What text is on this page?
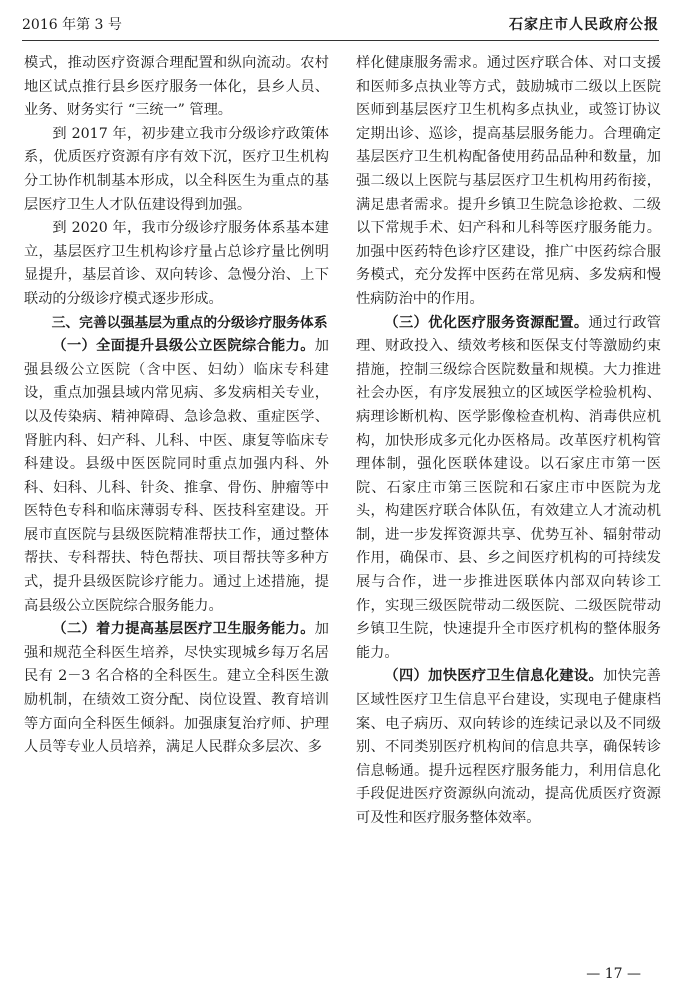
2016 年第 3 号	石家庄市人民政府公报

模式，推动医疗资源合理配置和纵向流动。农村地区试点推行县乡医疗服务一体化，县乡人员、业务、财务实行 “三统一” 管理。

到 2017 年，初步建立我市分级诊疗政策体系，优质医疗资源有序有效下沉，医疗卫生机构分工协作机制基本形成，以全科医生为重点的基层医疗卫生人才队伍建设得到加强。

到 2020 年，我市分级诊疗服务体系基本建立，基层医疗卫生机构诊疗量占总诊疗量比例明显提升，基层首诊、双向转诊、急慢分治、上下联动的分级诊疗模式逐步形成。

三、完善以强基层为重点的分级诊疗服务体系

（一）全面提升县级公立医院综合能力。加强县级公立医院（含中医、妇幼）临床专科建设，重点加强县域内常见病、多发病相关专业，以及传染病、精神障碍、急诊急救、重症医学、肾脏内科、妇产科、儿科、中医、康复等临床专科建设。县级中医医院同时重点加强内科、外科、妇科、儿科、针灸、推拿、骨伤、肿瘤等中医特色专科和临床薄弱专科、医技科室建设。开展市直医院与县级医院精准帮扶工作，通过整体帮扶、专科帮扶、特色帮扶、项目帮扶等多种方式，提升县级医院诊疗能力。通过上述措施，提高县级公立医院综合服务能力。

（二）着力提高基层医疗卫生服务能力。加强和规范全科医生培养，尽快实现城乡每万名居民有 2－3 名合格的全科医生。建立全科医生激励机制，在绩效工资分配、岗位设置、教育培训等方面向全科医生倾斜。加强康复治疗师、护理人员等专业人员培养，满足人民群众多层次、多

样化健康服务需求。通过医疗联合体、对口支援和医师多点执业等方式，鼓励城市二级以上医院医师到基层医疗卫生机构多点执业，或签订协议定期出诊、巡诊，提高基层服务能力。合理确定基层医疗卫生机构配备使用药品品种和数量，加强二级以上医院与基层医疗卫生机构用药衔接，满足患者需求。提升乡镇卫生院急诊抢救、二级以下常规手术、妇产科和儿科等医疗服务能力。加强中医药特色诊疗区建设，推广中医药综合服务模式，充分发挥中医药在常见病、多发病和慢性病防治中的作用。

（三）优化医疗服务资源配置。通过行政管理、财政投入、绩效考核和医保支付等激励约束措施，控制三级综合医院数量和规模。大力推进社会办医，有序发展独立的区域医学检验机构、病理诊断机构、医学影像检查机构、消毒供应机构，加快形成多元化办医格局。改革医疗机构管理体制，强化医联体建设。以石家庄市第一医院、石家庄市第三医院和石家庄市中医院为龙头，构建医疗联合体队伍，有效建立人才流动机制，进一步发挥资源共享、优势互补、辐射带动作用，确保市、县、乡之间医疗机构的可持续发展与合作，进一步推进医联体内部双向转诊工作，实现三级医院带动二级医院、二级医院带动乡镇卫生院，快速提升全市医疗机构的整体服务能力。

（四）加快医疗卫生信息化建设。加快完善区域性医疗卫生信息平台建设，实现电子健康档案、电子病历、双向转诊的连续记录以及不同级别、不同类别医疗机构间的信息共享，确保转诊信息畅通。提升远程医疗服务能力，利用信息化手段促进医疗资源纵向流动，提高优质医疗资源可及性和医疗服务整体效率。

— 17 —
